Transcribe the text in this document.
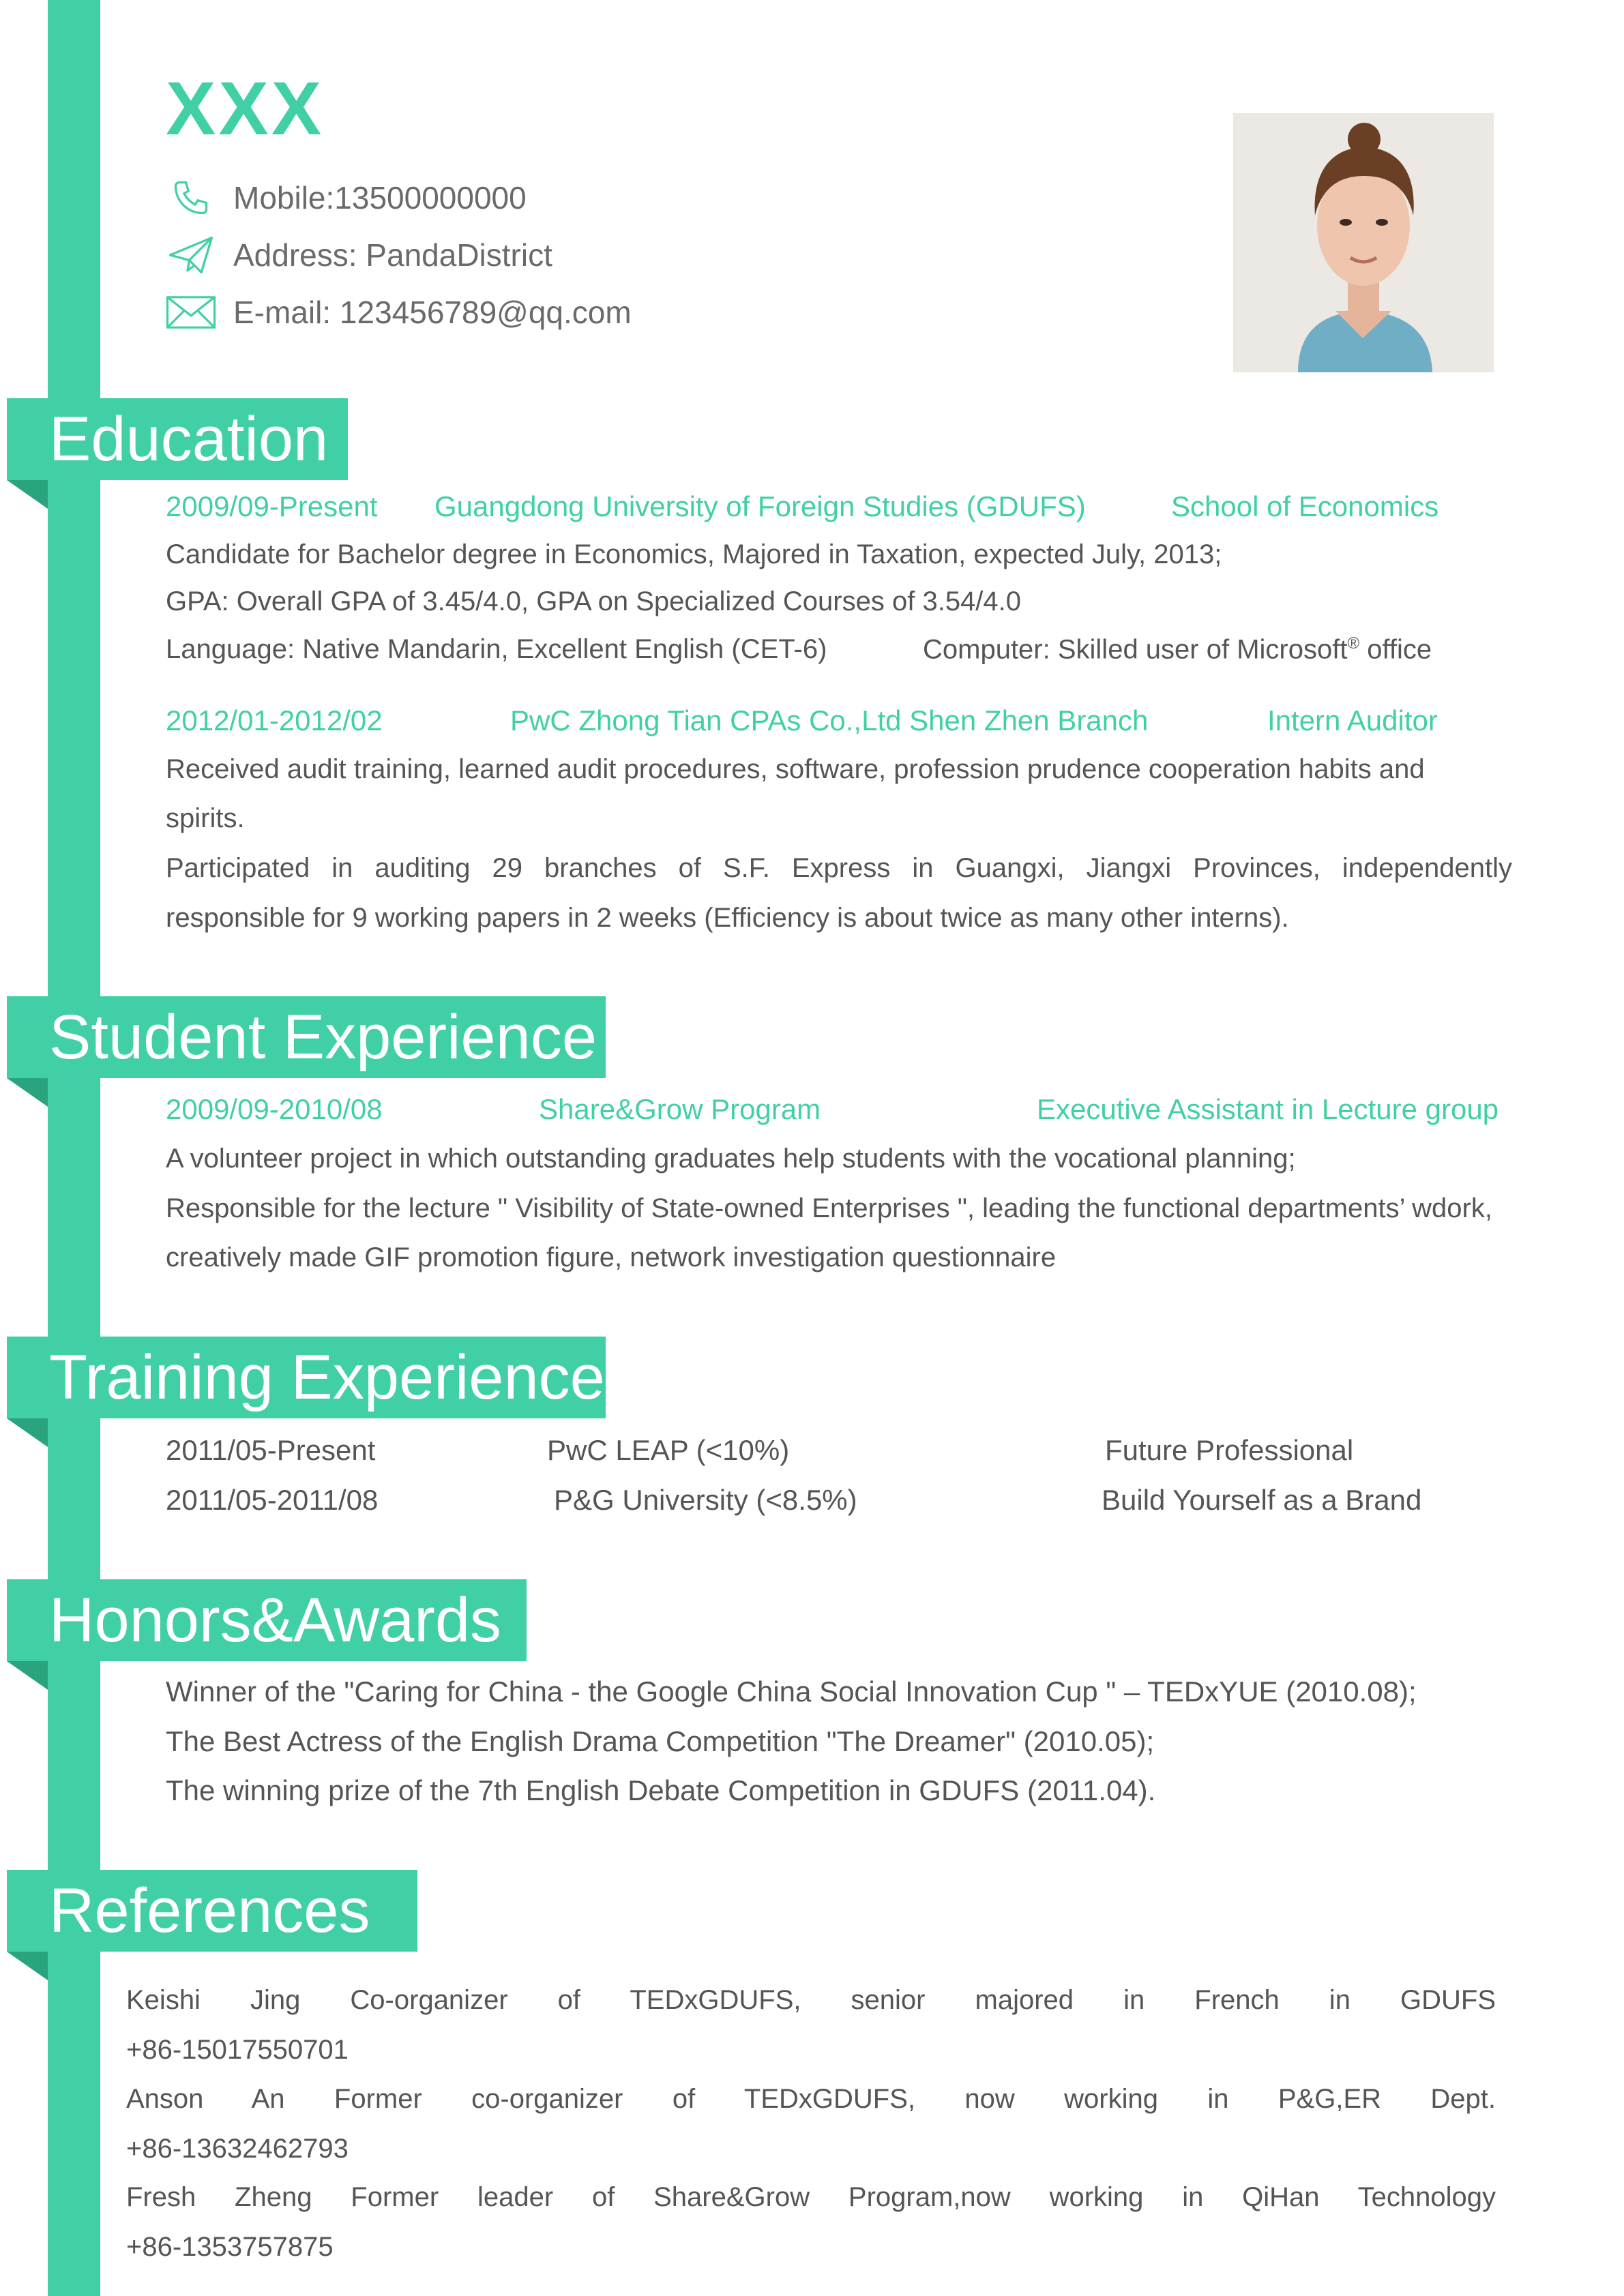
XXX
Mobile:13500000000
Address: PandaDistrict
E-mail: 123456789@qq.com
Education
2009/09-Present Guangdong University of Foreign Studies (GDUFS)	School of Economics
Candidate for Bachelor degree in Economics, Majored in Taxation, expected July, 2013;
GPA: Overall GPA of 3.45/4.0, GPA on Specialized Courses of 3.54/4.0
Language: Native Mandarin, Excellent English (CET-6)	Computer: Skilled user of Microsoft® office
2012/01-2012/02	PwC Zhong Tian CPAs Co.,Ltd Shen Zhen Branch	Intern Auditor
Received audit training, learned audit procedures, software, profession prudence cooperation habits and
spirits.
Participated in auditing 29 branches of S.F. Express in Guangxi, Jiangxi Provinces, independently
responsible for 9 working papers in 2 weeks (Efficiency is about twice as many other interns).
Student Experience
2009/09-2010/08	Share&Grow Program	Executive Assistant in Lecture group
A volunteer project in which outstanding graduates help students with the vocational planning;
Responsible for the lecture " Visibility of State-owned Enterprises ", leading the functional departments’ wdork,
creatively made GIF promotion figure, network investigation questionnaire
Training Experience
2011/05-Present	PwC LEAP (<10%)	Future Professional
2011/05-2011/08	P&G University (<8.5%)	Build Yourself as a Brand
Honors&Awards
Winner of the "Caring for China - the Google China Social Innovation Cup " – TEDxYUE (2010.08);
The Best Actress of the English Drama Competition "The Dreamer" (2010.05);
The winning prize of the 7th English Debate Competition in GDUFS (2011.04).
References
Keishi Jing Co-organizer of TEDxGDUFS, senior majored in French in GDUFS
+86-15017550701
Anson An Former co-organizer of TEDxGDUFS, now working in P&G,ER Dept.
+86-13632462793
Fresh Zheng Former leader of Share&Grow Program,now working in QiHan Technology
+86-1353757875
